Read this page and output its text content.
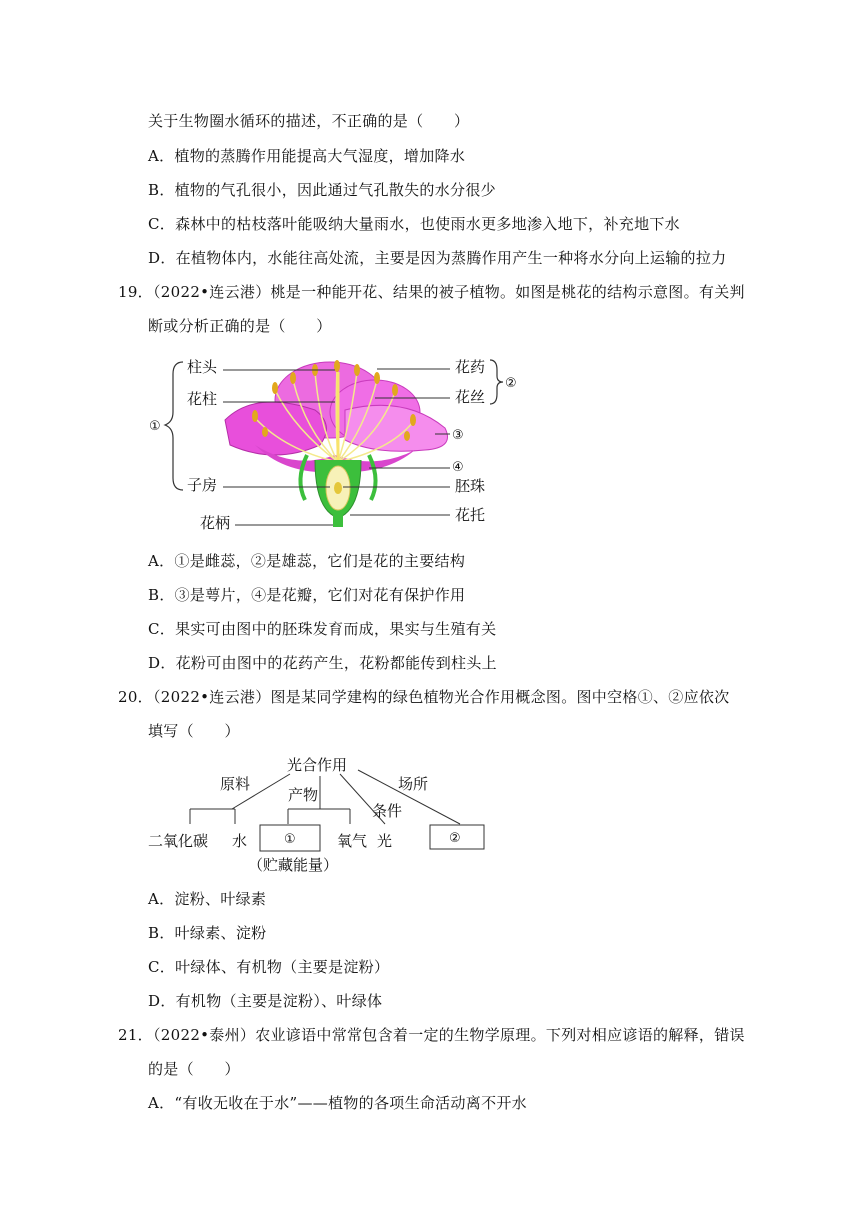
关于生物圈水循环的描述，不正确的是（　　）
A．植物的蒸腾作用能提高大气湿度，增加降水
B．植物的气孔很小，因此通过气孔散失的水分很少
C．森林中的枯枝落叶能吸纳大量雨水，也使雨水更多地渗入地下，补充地下水
D．在植物体内，水能往高处流，主要是因为蒸腾作用产生一种将水分向上运输的拉力
19．（2022•连云港）桃是一种能开花、结果的被子植物。如图是桃花的结构示意图。有关判
断或分析正确的是（　　）
①
柱头
花柱
子房
花柄
花药
花丝
②
③
④
胚珠
花托
A．①是雌蕊，②是雄蕊，它们是花的主要结构
B．③是萼片，④是花瓣，它们对花有保护作用
C．果实可由图中的胚珠发育而成，果实与生殖有关
D．花粉可由图中的花药产生，花粉都能传到柱头上
20．（2022•连云港）图是某同学建构的绿色植物光合作用概念图。图中空格①、②应依次
填写（　　）
光合作用
原料
产物
条件
场所
二氧化碳 水	①	氧气 光	②
（贮藏能量）
A．淀粉、叶绿素
B．叶绿素、淀粉
C．叶绿体、有机物（主要是淀粉）
D．有机物（主要是淀粉）、叶绿体
21．（2022•泰州）农业谚语中常常包含着一定的生物学原理。下列对相应谚语的解释，错误
的是（　　）
A．“有收无收在于水”——植物的各项生命活动离不开水
